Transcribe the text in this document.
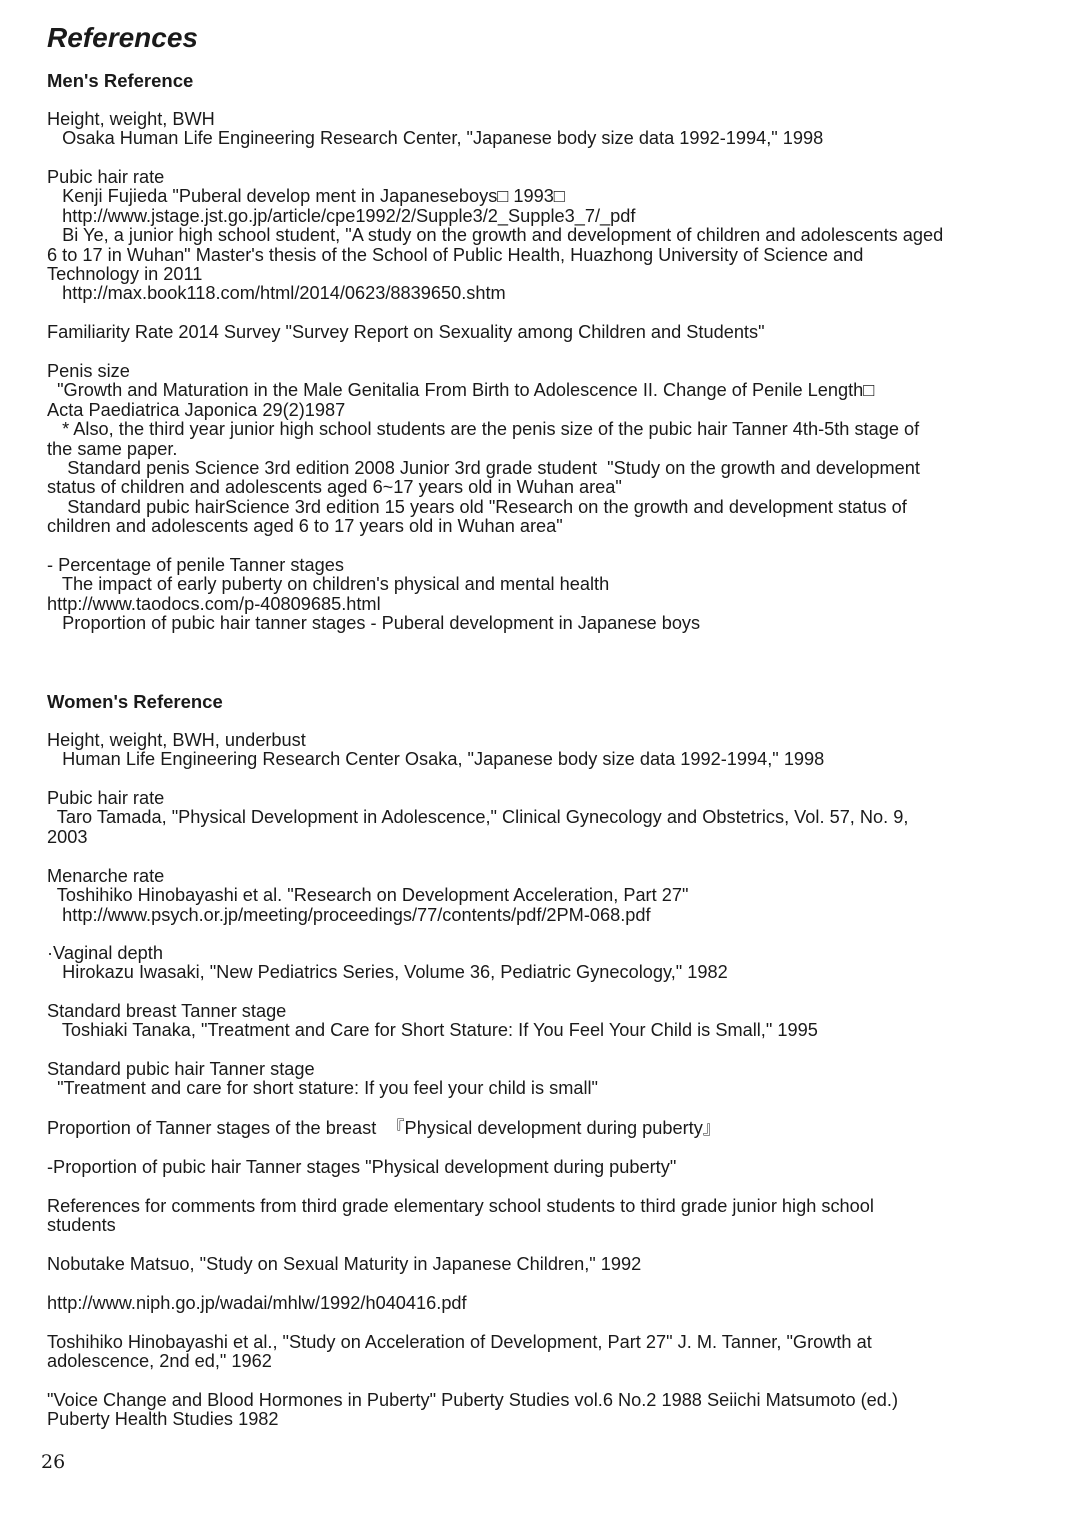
References
Men's Reference
Height, weight, BWH
Osaka Human Life Engineering Research Center, "Japanese body size data 1992-1994," 1998
Pubic hair rate
Kenji Fujieda "Puberal develop ment in Japaneseboys□ 1993□
http://www.jstage.jst.go.jp/article/cpe1992/2/Supple3/2_Supple3_7/_pdf
Bi Ye, a junior high school student, "A study on the growth and development of children and adolescents aged
6 to 17 in Wuhan" Master's thesis of the School of Public Health, Huazhong University of Science and
Technology in 2011
http://max.book118.com/html/2014/0623/8839650.shtm
Familiarity Rate 2014 Survey "Survey Report on Sexuality among Children and Students"
Penis size
"Growth and Maturation in the Male Genitalia From Birth to Adolescence II. Change of Penile Length□
Acta Paediatrica Japonica 29(2)1987
* Also, the third year junior high school students are the penis size of the pubic hair Tanner 4th-5th stage of
the same paper.
Standard penis Science 3rd edition 2008 Junior 3rd grade student  "Study on the growth and development
status of children and adolescents aged 6~17 years old in Wuhan area"
Standard pubic hairScience 3rd edition 15 years old "Research on the growth and development status of
children and adolescents aged 6 to 17 years old in Wuhan area"
- Percentage of penile Tanner stages
The impact of early puberty on children's physical and mental health
http://www.taodocs.com/p-40809685.html
Proportion of pubic hair tanner stages - Puberal development in Japanese boys
Women's Reference
Height, weight, BWH, underbust
Human Life Engineering Research Center Osaka, "Japanese body size data 1992-1994," 1998
Pubic hair rate
Taro Tamada, "Physical Development in Adolescence," Clinical Gynecology and Obstetrics, Vol. 57, No. 9,
2003
Menarche rate
Toshihiko Hinobayashi et al. "Research on Development Acceleration, Part 27"
http://www.psych.or.jp/meeting/proceedings/77/contents/pdf/2PM-068.pdf
·Vaginal depth
Hirokazu Iwasaki, "New Pediatrics Series, Volume 36, Pediatric Gynecology," 1982
Standard breast Tanner stage
Toshiaki Tanaka, "Treatment and Care for Short Stature: If You Feel Your Child is Small," 1995
Standard pubic hair Tanner stage
"Treatment and care for short stature: If you feel your child is small"
Proportion of Tanner stages of the breast  『Physical development during puberty』
-Proportion of pubic hair Tanner stages "Physical development during puberty"
References for comments from third grade elementary school students to third grade junior high school
students
Nobutake Matsuo, "Study on Sexual Maturity in Japanese Children," 1992
http://www.niph.go.jp/wadai/mhlw/1992/h040416.pdf
Toshihiko Hinobayashi et al., "Study on Acceleration of Development, Part 27" J. M. Tanner, "Growth at
adolescence, 2nd ed," 1962
"Voice Change and Blood Hormones in Puberty" Puberty Studies vol.6 No.2 1988 Seiichi Matsumoto (ed.)
Puberty Health Studies 1982
26
